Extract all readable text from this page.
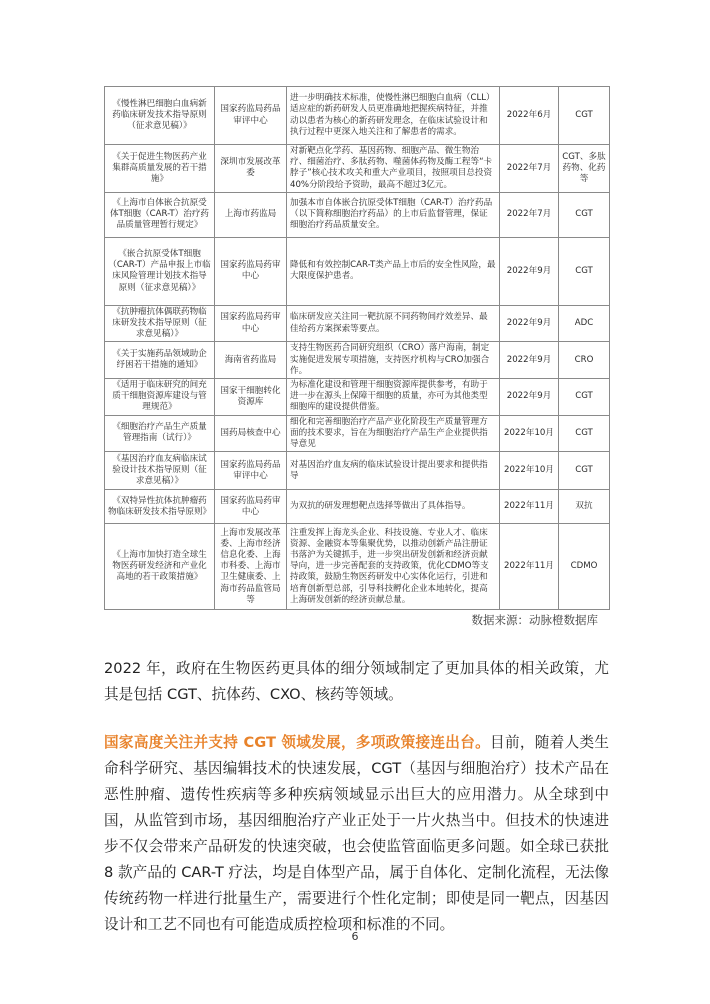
《慢性淋巴细胞白血病新药临床研发技术指导原则（征求意见稿）》	国家药监局药品审评中心	进一步明确技术标准，使慢性淋巴细胞白血病（CLL）适应症的新药研发人员更准确地把握疾病特征，并推动以患者为核心的新药研发理念，在临床试验设计和执行过程中更深入地关注和了解患者的需求。	2022年6月	CGT
《关于促进生物医药产业集群高质量发展的若干措施》	深圳市发展改革委	对新靶点化学药、基因药物、细胞产品、微生物治疗、细菌治疗、多肽药物、噬菌体药物及酶工程等“卡脖子”核心技术攻关和重大产业项目，按照项目总投资40%分阶段给予资助，最高不超过3亿元。	2022年7月	CGT、多肽药物、化药等
《上海市自体嵌合抗原受体T细胞（CAR-T）治疗药品质量管理暂行规定》	上海市药监局	加强本市自体嵌合抗原受体T细胞（CAR-T）治疗药品（以下简称细胞治疗药品）的上市后监督管理，保证细胞治疗药品质量安全。	2022年7月	CGT
《嵌合抗原受体T细胞（CAR-T）产品申报上市临床风险管理计划技术指导原则（征求意见稿）》	国家药监局药审中心	降低和有效控制CAR-T类产品上市后的安全性风险，最大限度保护患者。	2022年9月	CGT
《抗肿瘤抗体偶联药物临床研发技术指导原则（征求意见稿）》	国家药监局药审中心	临床研发应关注同一靶抗原不同药物间疗效差异、最佳给药方案探索等要点。	2022年9月	ADC
《关于实施药品领域助企纾困若干措施的通知》	海南省药监局	支持生物医药合同研究组织（CRO）落户海南，制定实施促进发展专项措施，支持医疗机构与CRO加强合作。	2022年9月	CRO
《适用于临床研究的间充质干细胞资源库建设与管理规范》	国家干细胞转化资源库	为标准化建设和管理干细胞资源库提供参考，有助于进一步在源头上保障干细胞的质量，亦可为其他类型细胞库的建设提供借鉴。	2022年9月	CGT
《细胞治疗产品生产质量管理指南（试行）》	国药局核查中心	细化和完善细胞治疗产品产业化阶段生产质量管理方面的技术要求，旨在为细胞治疗产品生产企业提供指导意见	2022年10月	CGT
《基因治疗血友病临床试验设计技术指导原则（征求意见稿）》	国家药监局药品审评中心	对基因治疗血友病的临床试验设计提出要求和提供指导	2022年10月	CGT
《双特异性抗体抗肿瘤药物临床研发技术指导原则》	国家药监局药审中心	为双抗的研发理想靶点选择等做出了具体指导。	2022年11月	双抗
《上海市加快打造全球生物医药研发经济和产业化高地的若干政策措施》	上海市发展改革委、上海市经济信息化委、上海市科委、上海市卫生健康委、上海市药品监管局等	注重发挥上海龙头企业、科技设施、专业人才、临床资源、金融资本等集聚优势，以推动创新产品注册证书落沪为关键抓手，进一步突出研发创新和经济贡献导向，进一步完善配套的支持政策，优化CDMO等支持政策，鼓励生物医药研发中心实体化运行，引进和培育创新型总部，引导科技孵化企业本地转化，提高上海研发创新的经济贡献总量。	2022年11月	CDMO
数据来源：动脉橙数据库

2022 年，政府在生物医药更具体的细分领域制定了更加具体的相关政策，尤其是包括 CGT、抗体药、CXO、核药等领域。

国家高度关注并支持 CGT 领域发展，多项政策接连出台。目前，随着人类生命科学研究、基因编辑技术的快速发展，CGT（基因与细胞治疗）技术产品在恶性肿瘤、遗传性疾病等多种疾病领域显示出巨大的应用潜力。从全球到中国，从监管到市场，基因细胞治疗产业正处于一片火热当中。但技术的快速进步不仅会带来产品研发的快速突破，也会使监管面临更多问题。如全球已获批 8 款产品的 CAR-T 疗法，均是自体型产品，属于自体化、定制化流程，无法像传统药物一样进行批量生产，需要进行个性化定制；即使是同一靶点，因基因设计和工艺不同也有可能造成质控检项和标准的不同。

6
